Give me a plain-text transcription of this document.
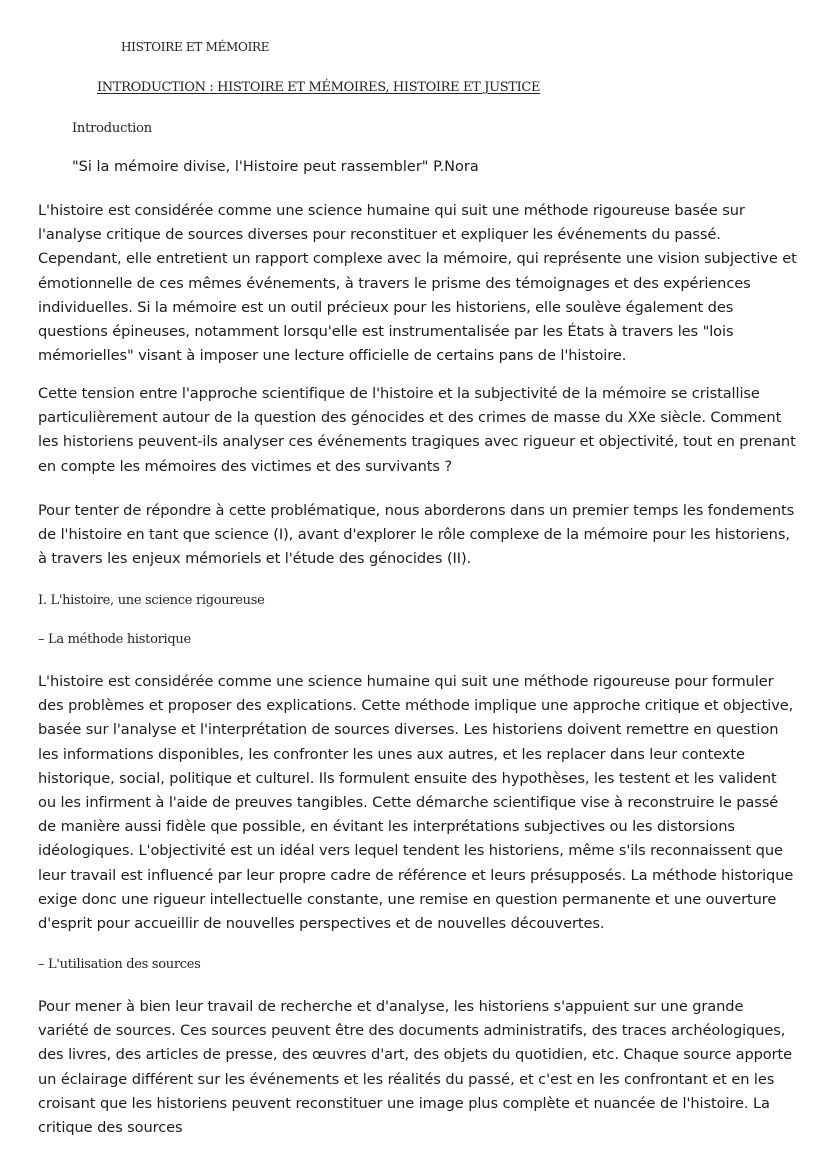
HISTOIRE ET MÉMOIRE
INTRODUCTION : HISTOIRE ET MÉMOIRES, HISTOIRE ET JUSTICE
Introduction
"Si la mémoire divise, l'Histoire peut rassembler" P.Nora

L'histoire est considérée comme une science humaine qui suit une méthode rigoureuse basée sur l'analyse critique de sources diverses pour reconstituer et expliquer les événements du passé. Cependant, elle entretient un rapport complexe avec la mémoire, qui représente une vision subjective et émotionnelle de ces mêmes événements, à travers le prisme des témoignages et des expériences individuelles. Si la mémoire est un outil précieux pour les historiens, elle soulève également des questions épineuses, notamment lorsqu'elle est instrumentalisée par les États à travers les "lois mémorielles" visant à imposer une lecture officielle de certains pans de l'histoire.

Cette tension entre l'approche scientifique de l'histoire et la subjectivité de la mémoire se cristallise particulièrement autour de la question des génocides et des crimes de masse du XXe siècle. Comment les historiens peuvent-ils analyser ces événements tragiques avec rigueur et objectivité, tout en prenant en compte les mémoires des victimes et des survivants ?

Pour tenter de répondre à cette problématique, nous aborderons dans un premier temps les fondements de l'histoire en tant que science (I), avant d'explorer le rôle complexe de la mémoire pour les historiens, à travers les enjeux mémoriels et l'étude des génocides (II).

I. L'histoire, une science rigoureuse
– La méthode historique

L'histoire est considérée comme une science humaine qui suit une méthode rigoureuse pour formuler des problèmes et proposer des explications. Cette méthode implique une approche critique et objective, basée sur l'analyse et l'interprétation de sources diverses. Les historiens doivent remettre en question les informations disponibles, les confronter les unes aux autres, et les replacer dans leur contexte historique, social, politique et culturel. Ils formulent ensuite des hypothèses, les testent et les valident ou les infirment à l'aide de preuves tangibles. Cette démarche scientifique vise à reconstruire le passé de manière aussi fidèle que possible, en évitant les interprétations subjectives ou les distorsions idéologiques. L'objectivité est un idéal vers lequel tendent les historiens, même s'ils reconnaissent que leur travail est influencé par leur propre cadre de référence et leurs présupposés. La méthode historique exige donc une rigueur intellectuelle constante, une remise en question permanente et une ouverture d'esprit pour accueillir de nouvelles perspectives et de nouvelles découvertes.

– L'utilisation des sources

Pour mener à bien leur travail de recherche et d'analyse, les historiens s'appuient sur une grande variété de sources. Ces sources peuvent être des documents administratifs, des traces archéologiques, des livres, des articles de presse, des œuvres d'art, des objets du quotidien, etc. Chaque source apporte un éclairage différent sur les événements et les réalités du passé, et c'est en les confrontant et en les croisant que les historiens peuvent reconstituer une image plus complète et nuancée de l'histoire. La critique des sources
